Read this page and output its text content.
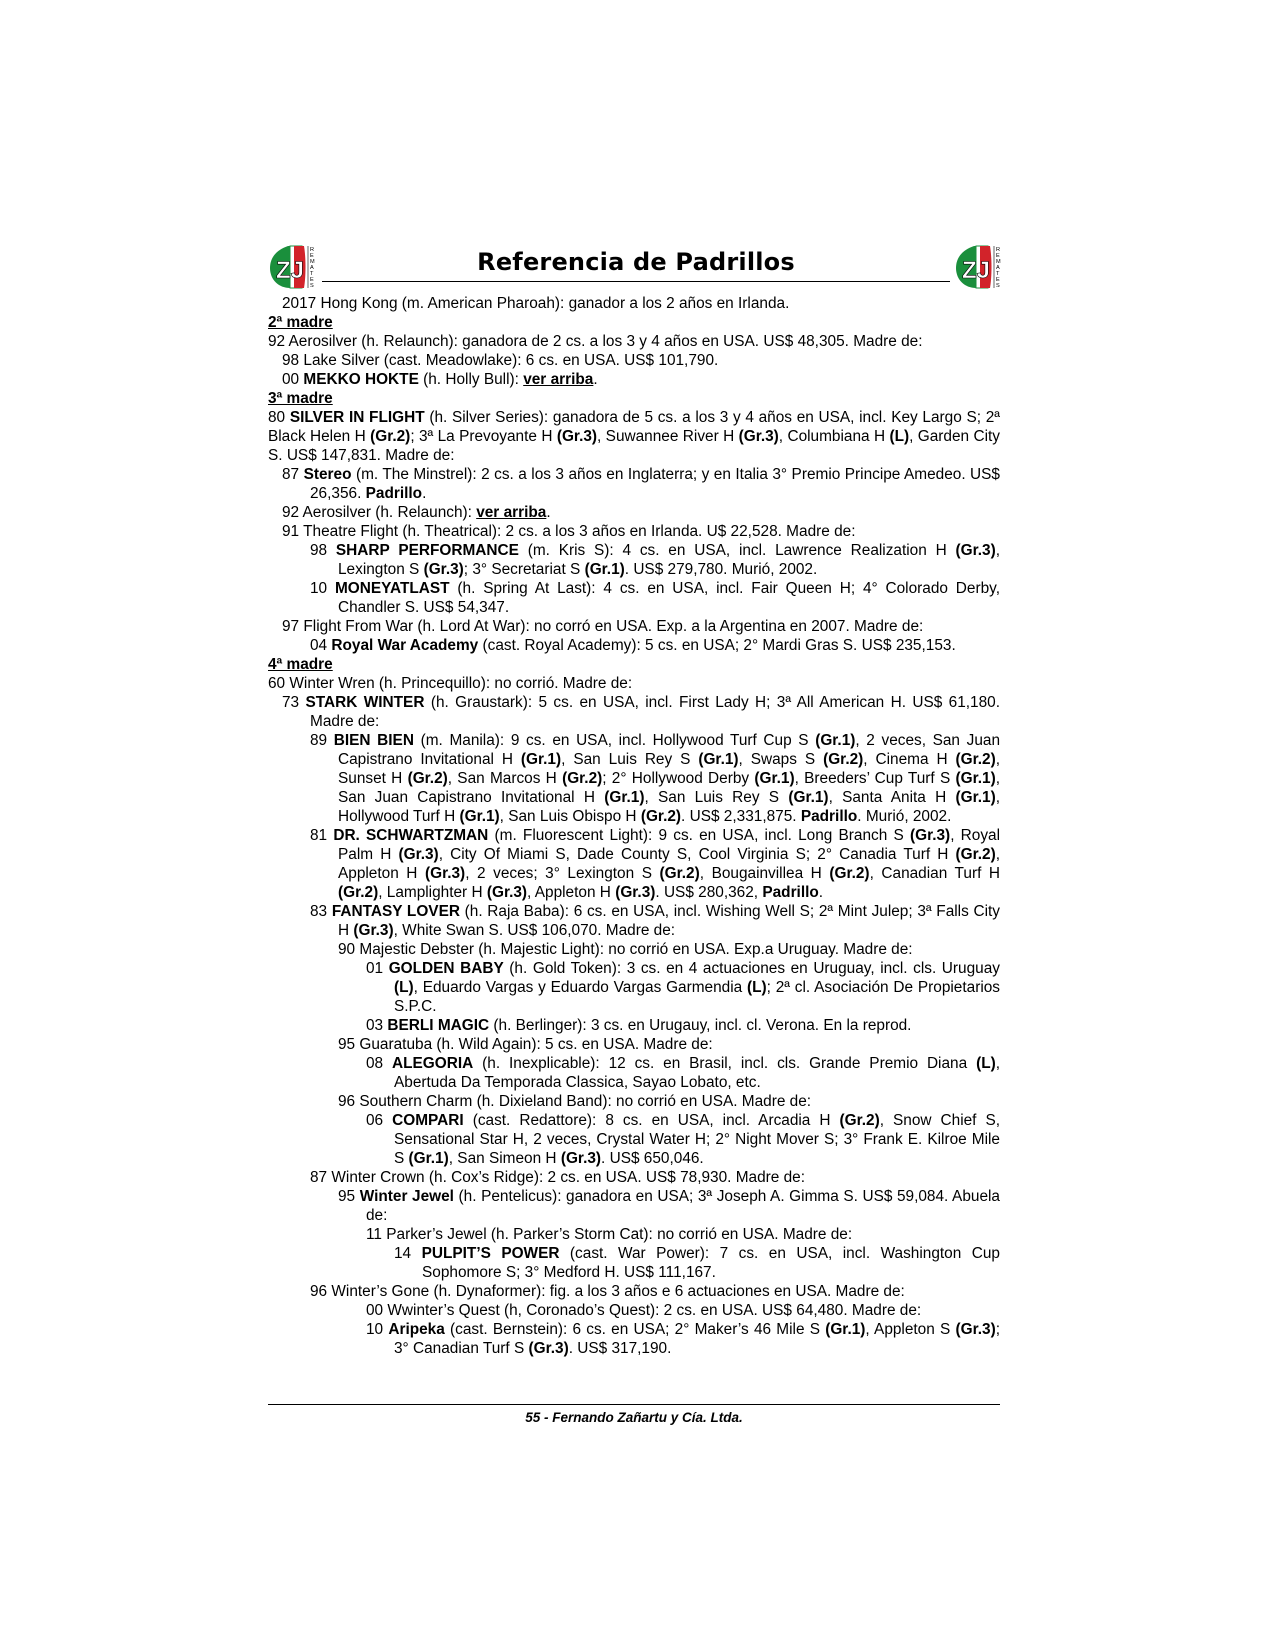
ZJ
R
E
M
A
T
E
S
Referencia de Padrillos	ZJ
R
E
M
A
T
E
S

2017 Hong Kong (m. American Pharoah): ganador a los 2 años en Irlanda.

2ª madre

92 Aerosilver (h. Relaunch): ganadora de 2 cs. a los 3 y 4 años en USA. US$ 48,305. Madre de:

98 Lake Silver (cast. Meadowlake): 6 cs. en USA. US$ 101,790.

00 MEKKO HOKTE (h. Holly Bull): ver arriba.

3ª madre

80 SILVER IN FLIGHT (h. Silver Series): ganadora de 5 cs. a los 3 y 4 años en USA, incl. Key Largo S; 2ª Black Helen H (Gr.2); 3ª La Prevoyante H (Gr.3), Suwannee River H (Gr.3), Columbiana H (L), Garden City S. US$ 147,831. Madre de:

87 Stereo (m. The Minstrel): 2 cs. a los 3 años en Inglaterra; y en Italia 3° Premio Principe Amedeo. US$ 26,356. Padrillo.

92 Aerosilver (h. Relaunch): ver arriba.

91 Theatre Flight (h. Theatrical): 2 cs. a los 3 años en Irlanda. U$ 22,528. Madre de:

98 SHARP PERFORMANCE (m. Kris S): 4 cs. en USA, incl. Lawrence Realization H (Gr.3), Lexington S (Gr.3); 3° Secretariat S (Gr.1). US$ 279,780. Murió, 2002.

10 MONEYATLAST (h. Spring At Last): 4 cs. en USA, incl. Fair Queen H; 4° Colorado Derby, Chandler S. US$ 54,347.

97 Flight From War (h. Lord At War): no corró en USA. Exp. a la Argentina en 2007. Madre de:

04 Royal War Academy (cast. Royal Academy): 5 cs. en USA; 2° Mardi Gras S. US$ 235,153.

4ª madre

60 Winter Wren (h. Princequillo): no corrió. Madre de:

73 STARK WINTER (h. Graustark): 5 cs. en USA, incl. First Lady H; 3ª All American H. US$ 61,180. Madre de:

89 BIEN BIEN (m. Manila): 9 cs. en USA, incl. Hollywood Turf Cup S (Gr.1), 2 veces, San Juan Capistrano Invitational H (Gr.1), San Luis Rey S (Gr.1), Swaps S (Gr.2), Cinema H (Gr.2), Sunset H (Gr.2), San Marcos H (Gr.2); 2° Hollywood Derby (Gr.1), Breeders’ Cup Turf S (Gr.1), San Juan Capistrano Invitational H (Gr.1), San Luis Rey S (Gr.1), Santa Anita H (Gr.1), Hollywood Turf H (Gr.1), San Luis Obispo H (Gr.2). US$ 2,331,875. Padrillo. Murió, 2002.

81 DR. SCHWARTZMAN (m. Fluorescent Light): 9 cs. en USA, incl. Long Branch S (Gr.3), Royal Palm H (Gr.3), City Of Miami S, Dade County S, Cool Virginia S; 2° Canadia Turf H (Gr.2), Appleton H (Gr.3), 2 veces; 3° Lexington S (Gr.2), Bougainvillea H (Gr.2), Canadian Turf H (Gr.2), Lamplighter H (Gr.3), Appleton H (Gr.3). US$ 280,362, Padrillo.

83 FANTASY LOVER (h. Raja Baba): 6 cs. en USA, incl. Wishing Well S; 2ª Mint Julep; 3ª Falls City H (Gr.3), White Swan S. US$ 106,070. Madre de:

90 Majestic Debster (h. Majestic Light): no corrió en USA. Exp.a Uruguay. Madre de:

01 GOLDEN BABY (h. Gold Token): 3 cs. en 4 actuaciones en Uruguay, incl. cls. Uruguay (L), Eduardo Vargas y Eduardo Vargas Garmendia (L); 2ª cl. Asociación De Propietarios S.P.C.

03 BERLI MAGIC (h. Berlinger): 3 cs. en Urugauy, incl. cl. Verona. En la reprod.

95 Guaratuba (h. Wild Again): 5 cs. en USA. Madre de:

08 ALEGORIA (h. Inexplicable): 12 cs. en Brasil, incl. cls. Grande Premio Diana (L), Abertuda Da Temporada Classica, Sayao Lobato, etc.

96 Southern Charm (h. Dixieland Band): no corrió en USA. Madre de:

06 COMPARI (cast. Redattore): 8 cs. en USA, incl. Arcadia H (Gr.2), Snow Chief S, Sensational Star H, 2 veces, Crystal Water H; 2° Night Mover S; 3° Frank E. Kilroe Mile S (Gr.1), San Simeon H (Gr.3). US$ 650,046.

87 Winter Crown (h. Cox’s Ridge): 2 cs. en USA. US$ 78,930. Madre de:

95 Winter Jewel (h. Pentelicus): ganadora en USA; 3ª Joseph A. Gimma S. US$ 59,084. Abuela de:

11 Parker’s Jewel (h. Parker’s Storm Cat): no corrió en USA. Madre de:

14 PULPIT’S POWER (cast. War Power): 7 cs. en USA, incl. Washington Cup Sophomore S; 3° Medford H. US$ 111,167.

96 Winter’s Gone (h. Dynaformer): fig. a los 3 años e 6 actuaciones en USA. Madre de:

00 Wwinter’s Quest (h, Coronado’s Quest): 2 cs. en USA. US$ 64,480. Madre de:

10 Aripeka (cast. Bernstein): 6 cs. en USA; 2° Maker’s 46 Mile S (Gr.1), Appleton S (Gr.3); 3° Canadian Turf S (Gr.3). US$ 317,190.

55 - Fernando Zañartu y Cía. Ltda.
